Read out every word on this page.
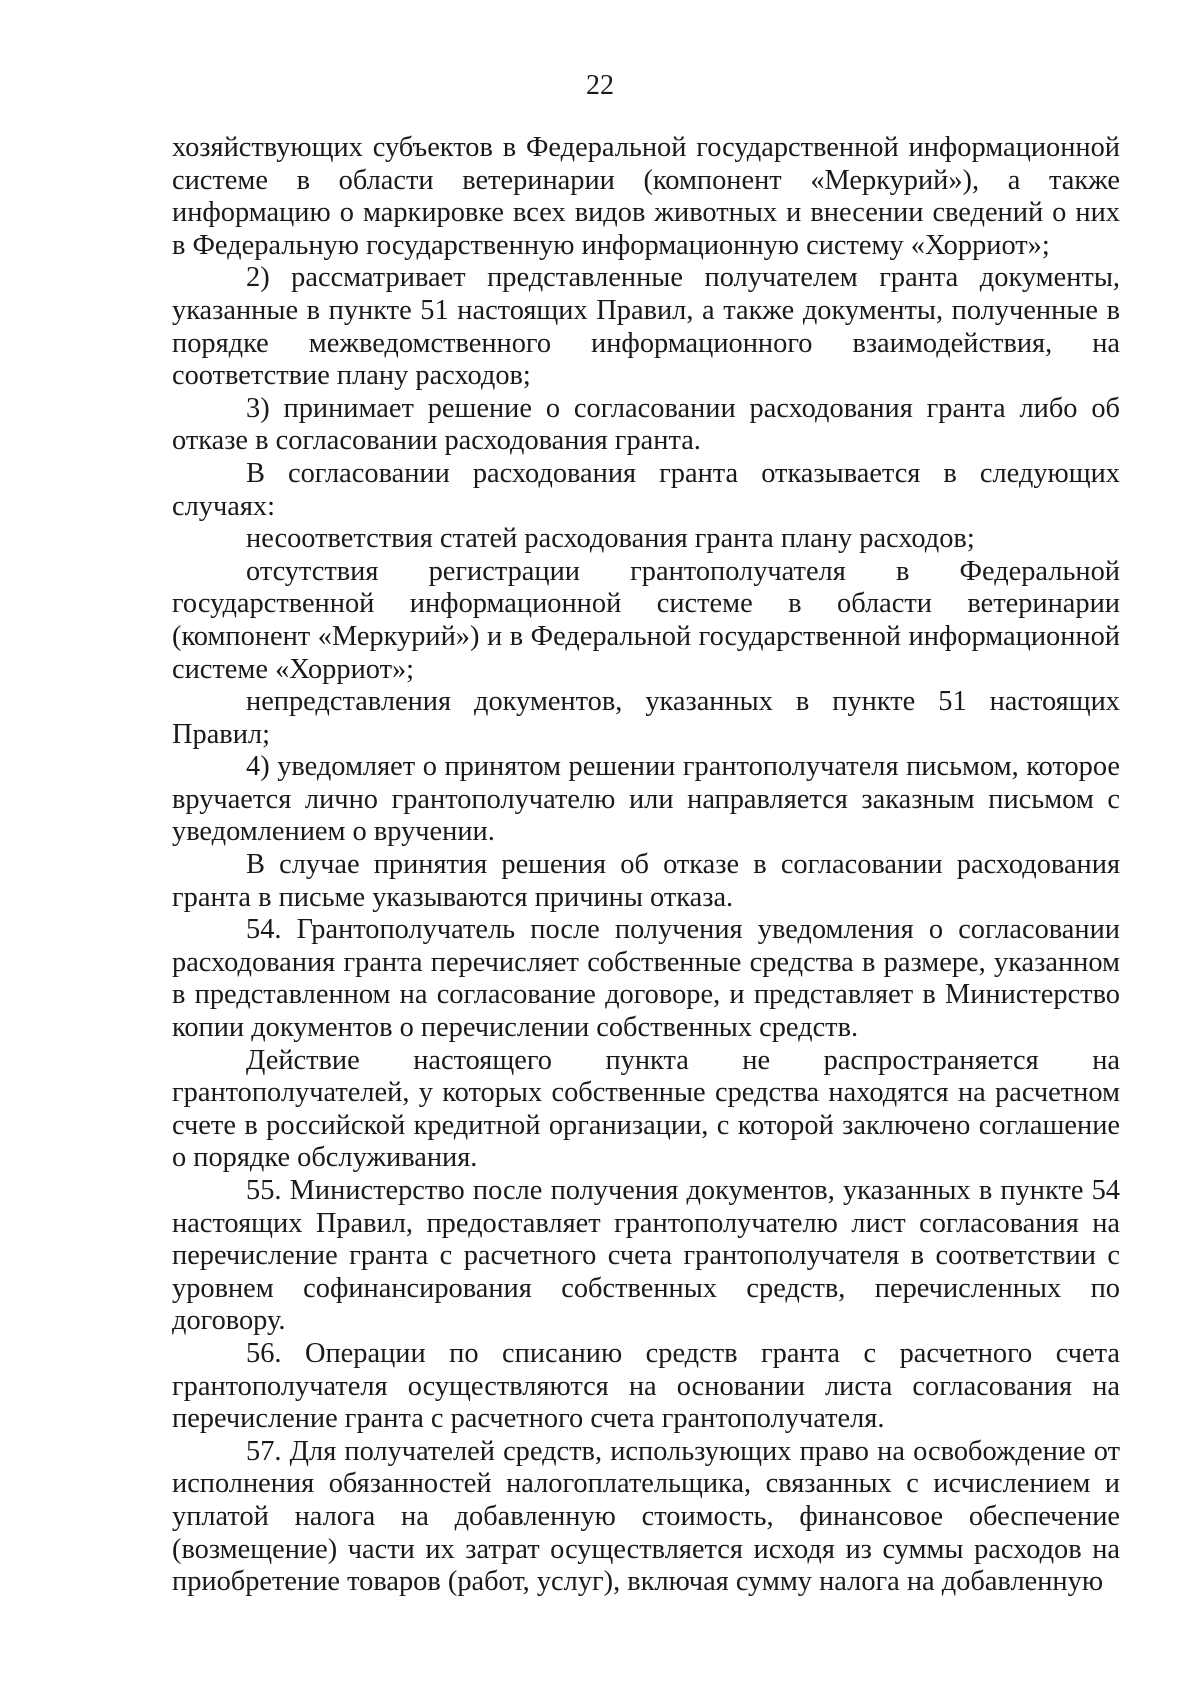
22

хозяйствующих субъектов в Федеральной государственной информационной системе в области ветеринарии (компонент «Меркурий»), а также информацию о маркировке всех видов животных и внесении сведений о них в Федеральную государственную информационную систему «Хорриот»;

2) рассматривает представленные получателем гранта документы, указанные в пункте 51 настоящих Правил, а также документы, полученные в порядке межведомственного информационного взаимодействия, на соответствие плану расходов;

3) принимает решение о согласовании расходования гранта либо об отказе в согласовании расходования гранта.

В согласовании расходования гранта отказывается в следующих случаях:

несоответствия статей расходования гранта плану расходов;

отсутствия регистрации грантополучателя в Федеральной государственной информационной системе в области ветеринарии (компонент «Меркурий») и в Федеральной государственной информационной системе «Хорриот»;

непредставления документов, указанных в пункте 51 настоящих Правил;

4) уведомляет о принятом решении грантополучателя письмом, которое вручается лично грантополучателю или направляется заказным письмом с уведомлением о вручении.

В случае принятия решения об отказе в согласовании расходования гранта в письме указываются причины отказа.

54. Грантополучатель после получения уведомления о согласовании расходования гранта перечисляет собственные средства в размере, указанном в представленном на согласование договоре, и представляет в Министерство копии документов о перечислении собственных средств.

Действие настоящего пункта не распространяется на грантополучателей, у которых собственные средства находятся на расчетном счете в российской кредитной организации, с которой заключено соглашение о порядке обслуживания.

55. Министерство после получения документов, указанных в пункте 54 настоящих Правил, предоставляет грантополучателю лист согласования на перечисление гранта с расчетного счета грантополучателя в соответствии с уровнем софинансирования собственных средств, перечисленных по договору.

56. Операции по списанию средств гранта с расчетного счета грантополучателя осуществляются на основании листа согласования на перечисление гранта с расчетного счета грантополучателя.

57. Для получателей средств, использующих право на освобождение от исполнения обязанностей налогоплательщика, связанных с исчислением и уплатой налога на добавленную стоимость, финансовое обеспечение (возмещение) части их затрат осуществляется исходя из суммы расходов на приобретение товаров (работ, услуг), включая сумму налога на добавленную
